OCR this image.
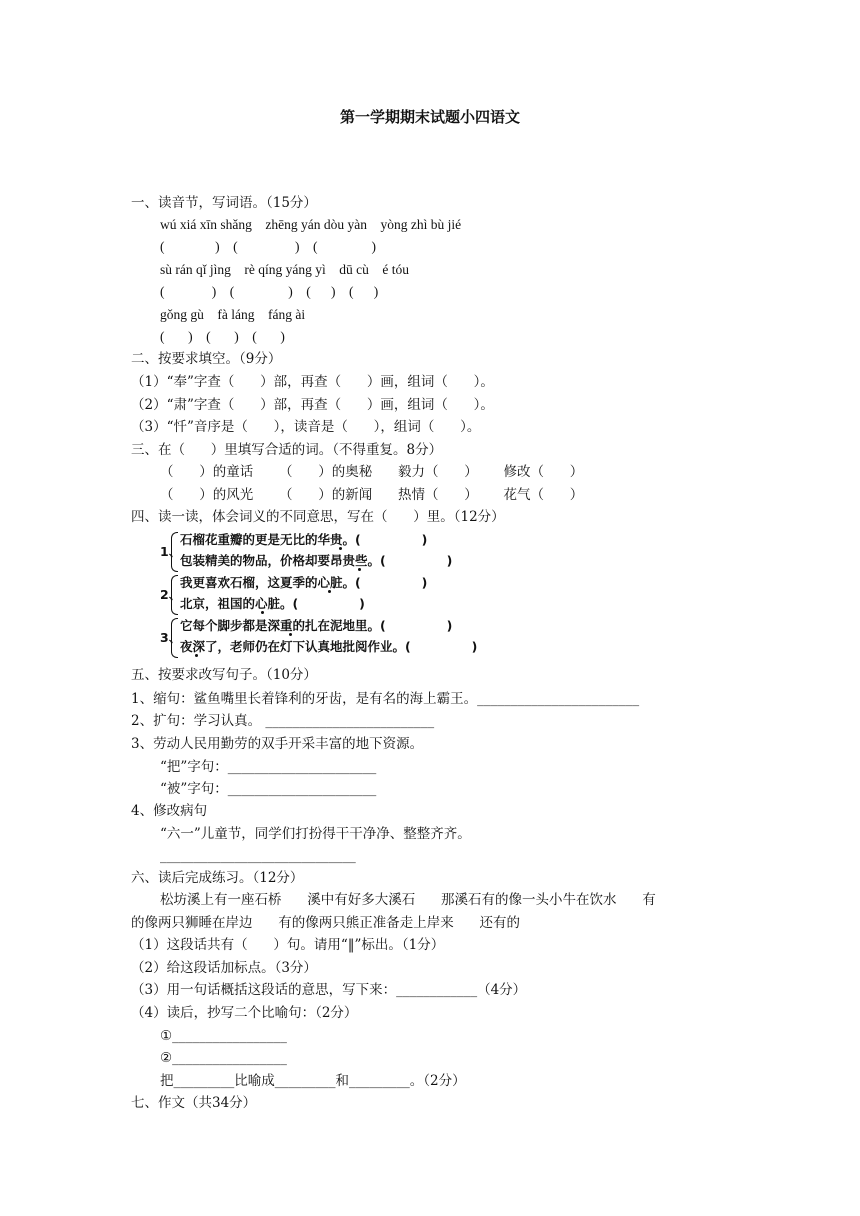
第一学期期末试题小四语文
一、读音节，写词语。（15分）
wú xiá xīn shǎng    zhēng yán dòu yàn    yòng zhì bù jié
(               )    (                 )    (                )
sù rán qǐ jìng    rè qíng yáng yì    dū cù    é tóu
(              )    (                )    (      )    (      )
gǒng gù    fà láng    fáng ài
(       )    (       )    (       )
二、按要求填空。（9分）
（1）“奉”字查（      ）部，再查（      ）画，组词（      ）。
（2）“肃”字查（      ）部，再查（      ）画，组词（      ）。
（3）“忏”音序是（      ），读音是（      ），组词（      ）。
三、在（      ）里填写合适的词。（不得重复。8分）
（      ）的童话      （      ）的奥秘      毅力（      ）      修改（      ）
（      ）的风光      （      ）的新闻      热情（      ）      花气（      ）
四、读一读，体会词义的不同意思，写在（      ）里。（12分）
1、
石榴花重瓣的更是无比的华贵。(              )
包装精美的物品，价格却要昂贵些。(              )
2、
我更喜欢石榴，这夏季的心脏。(              )
北京，祖国的心脏。(              )
3、
它每个脚步都是深重的扎在泥地里。(              )
夜深了，老师仍在灯下认真地批阅作业。(              )
五、按要求改写句子。（10分）
1、缩句：鲨鱼嘴里长着锋利的牙齿，是有名的海上霸王。________________________
2、扩句：学习认真。 _________________________
3、劳动人民用勤劳的双手开采丰富的地下资源。
“把”字句：______________________
“被”字句：______________________
4、修改病句
“六一”儿童节，同学们打扮得干干净净、整整齐齐。
_____________________________
六、读后完成练习。（12分）
松坊溪上有一座石桥      溪中有好多大溪石      那溪石有的像一头小牛在饮水      有
的像两只狮睡在岸边      有的像两只熊正准备走上岸来      还有的
（1）这段话共有（      ）句。请用“‖”标出。（1分）
（2）给这段话加标点。（3分）
（3）用一句话概括这段话的意思，写下来：____________（4分）
（4）读后，抄写二个比喻句：（2分）
①_________________
②_________________
把_________比喻成_________和_________。（2分）
七、作文（共34分）
